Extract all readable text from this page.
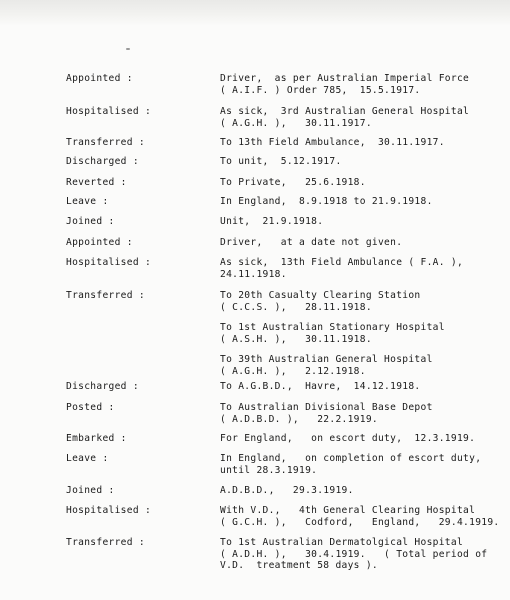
Appointed :	Driver,  as per Australian Imperial Force
( A.I.F. ) Order 785,  15.5.1917.
Hospitalised :	As sick,  3rd Australian General Hospital
( A.G.H. ),   30.11.1917.
Transferred :	To 13th Field Ambulance,  30.11.1917.
Discharged :	To unit,  5.12.1917.
Reverted :	To Private,   25.6.1918.
Leave :	In England,  8.9.1918 to 21.9.1918.
Joined :	Unit,  21.9.1918.
Appointed :	Driver,   at a date not given.
Hospitalised :	As sick,  13th Field Ambulance ( F.A. ),
24.11.1918.
Transferred :	To 20th Casualty Clearing Station
( C.C.S. ),   28.11.1918.
To 1st Australian Stationary Hospital
( A.S.H. ),   30.11.1918.
To 39th Australian General Hospital
( A.G.H. ),   2.12.1918.
Discharged :	To A.G.B.D.,  Havre,  14.12.1918.
Posted :	To Australian Divisional Base Depot
( A.D.B.D. ),   22.2.1919.
Embarked :	For England,   on escort duty,  12.3.1919.
Leave :	In England,   on completion of escort duty,
until 28.3.1919.
Joined :	A.D.B.D.,   29.3.1919.
Hospitalised :	With V.D.,   4th General Clearing Hospital
( G.C.H. ),   Codford,   England,   29.4.1919.
Transferred :	To 1st Australian Dermatolgical Hospital
( A.D.H. ),   30.4.1919.   ( Total period of
V.D.  treatment 58 days ).
